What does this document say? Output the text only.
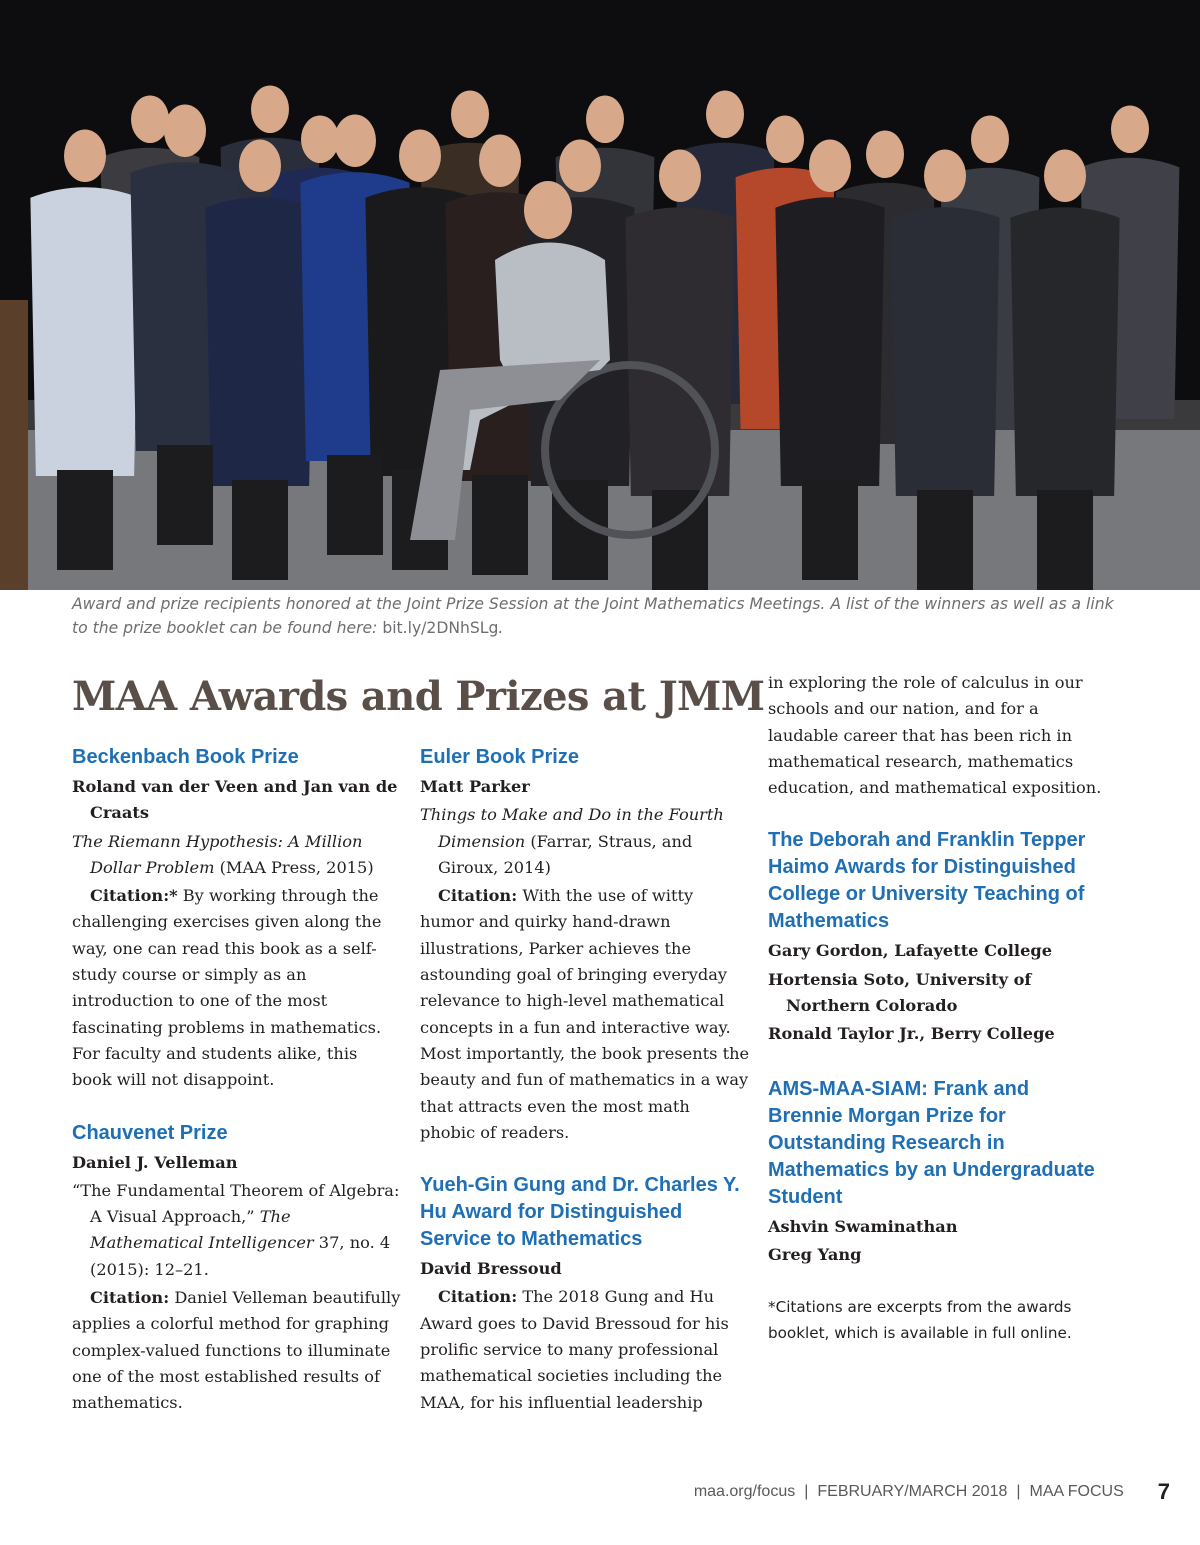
Award and prize recipients honored at the Joint Prize Session at the Joint Mathematics Meetings. A list of the winners as well as a link to the prize booklet can be found here: bit.ly/2DNhSLg.
MAA Awards and Prizes at JMM
Beckenbach Book Prize
Roland van der Veen and Jan van de Craats
The Riemann Hypothesis: A Million Dollar Problem (MAA Press, 2015)
Citation:* By working through the challenging exercises given along the way, one can read this book as a self-study course or simply as an introduction to one of the most fascinating problems in mathematics. For faculty and students alike, this book will not disappoint.
Chauvenet Prize
Daniel J. Velleman
“The Fundamental Theorem of Algebra: A Visual Approach,” The Mathematical Intelligencer 37, no. 4 (2015): 12–21.
Citation: Daniel Velleman beautifully applies a colorful method for graphing complex-valued functions to illuminate one of the most established results of mathematics.
Euler Book Prize
Matt Parker
Things to Make and Do in the Fourth Dimension (Farrar, Straus, and Giroux, 2014)
Citation: With the use of witty humor and quirky hand-drawn illustrations, Parker achieves the astounding goal of bringing everyday relevance to high-level mathematical concepts in a fun and interactive way. Most importantly, the book presents the beauty and fun of mathematics in a way that attracts even the most math phobic of readers.
Yueh-Gin Gung and Dr. Charles Y. Hu Award for Distinguished Service to Mathematics
David Bressoud
Citation: The 2018 Gung and Hu Award goes to David Bressoud for his prolific service to many professional mathematical societies including the MAA, for his influential leadership
in exploring the role of calculus in our schools and our nation, and for a laudable career that has been rich in mathematical research, mathematics education, and mathematical exposition.
The Deborah and Franklin Tepper Haimo Awards for Distinguished College or University Teaching of Mathematics
Gary Gordon, Lafayette College
Hortensia Soto, University of Northern Colorado
Ronald Taylor Jr., Berry College
AMS-MAA-SIAM: Frank and Brennie Morgan Prize for Outstanding Research in Mathematics by an Undergraduate Student
Ashvin Swaminathan
Greg Yang
*Citations are excerpts from the awards booklet, which is available in full online.
maa.org/focus | FEBRUARY/MARCH 2018 | MAA FOCUS 7
